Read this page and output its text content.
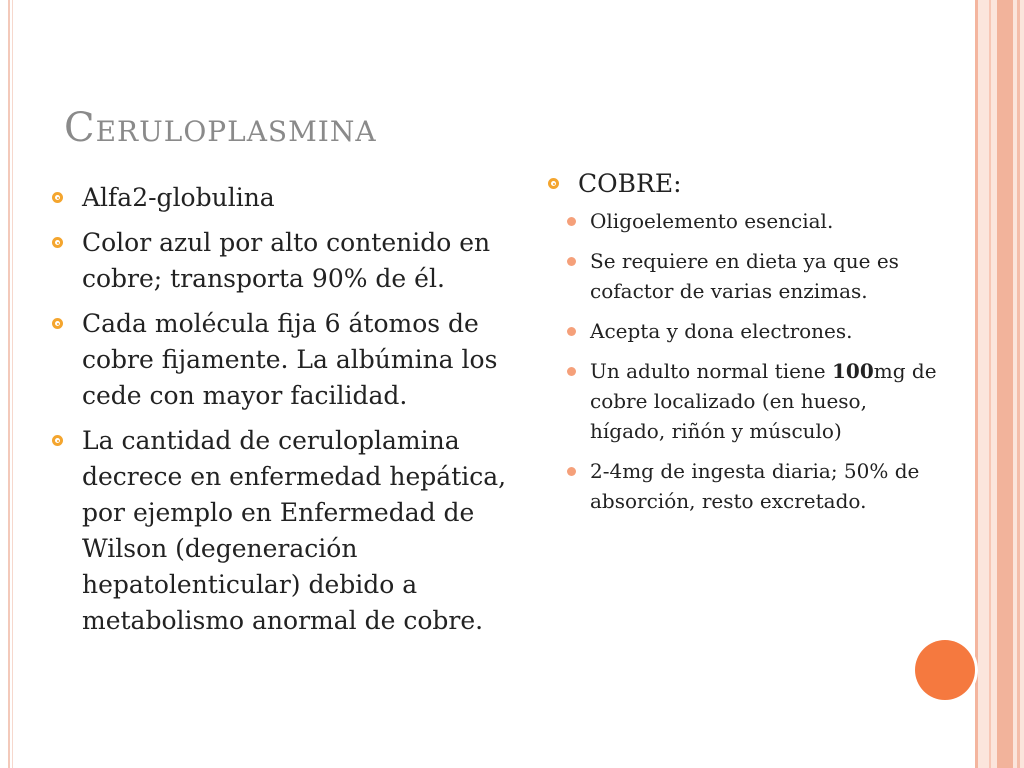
Ceruloplasmina
Alfa2-globulina
Color azul por alto contenido en cobre; transporta 90% de él.
Cada molécula fija 6 átomos de cobre fijamente. La albúmina los cede con mayor facilidad.
La cantidad de ceruloplamina decrece en enfermedad hepática, por ejemplo en Enfermedad de Wilson (degeneración hepatolenticular) debido a metabolismo anormal de cobre.
COBRE:
Oligoelemento esencial.
Se requiere en dieta ya que es cofactor de varias enzimas.
Acepta y dona electrones.
Un adulto normal tiene 100mg de cobre localizado (en hueso, hígado, riñón y músculo)
2-4mg de ingesta diaria; 50% de absorción, resto excretado.
